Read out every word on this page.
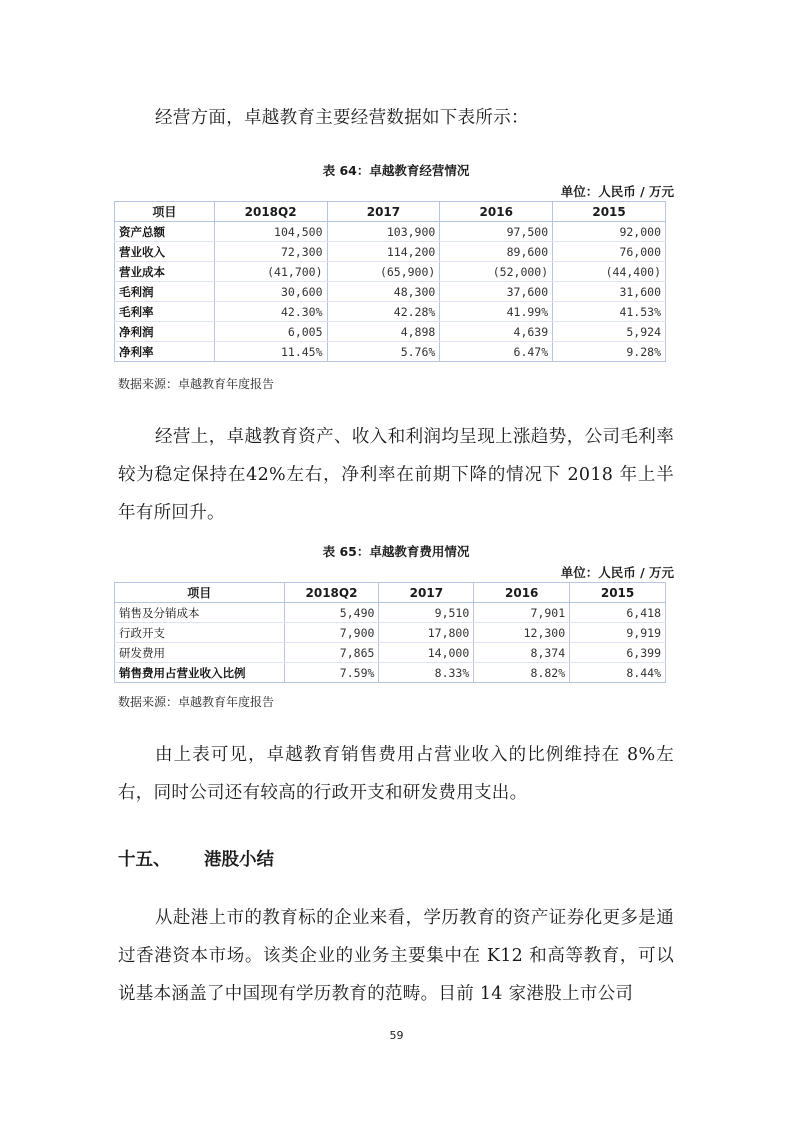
经营方面，卓越教育主要经营数据如下表所示：

表 64：卓越教育经营情况
单位：人民币 / 万元
项目	2018Q2	2017	2016	2015
资产总额	104,500	103,900	97,500	92,000
营业收入	72,300	114,200	89,600	76,000
营业成本	(41,700)	(65,900)	(52,000)	(44,400)
毛利润	30,600	48,300	37,600	31,600
毛利率	42.30%	42.28%	41.99%	41.53%
净利润	6,005	4,898	4,639	5,924
净利率	11.45%	5.76%	6.47%	9.28%
数据来源：卓越教育年度报告

经营上，卓越教育资产、收入和利润均呈现上涨趋势，公司毛利率较为稳定保持在42%左右，净利率在前期下降的情况下 2018 年上半年有所回升。

表 65：卓越教育费用情况
单位：人民币 / 万元
项目	2018Q2	2017	2016	2015
销售及分销成本	5,490	9,510	7,901	6,418
行政开支	7,900	17,800	12,300	9,919
研发费用	7,865	14,000	8,374	6,399
销售费用占营业收入比例	7.59%	8.33%	8.82%	8.44%
数据来源：卓越教育年度报告

由上表可见，卓越教育销售费用占营业收入的比例维持在 8%左右，同时公司还有较高的行政开支和研发费用支出。

十五、 港股小结

从赴港上市的教育标的企业来看，学历教育的资产证券化更多是通过香港资本市场。该类企业的业务主要集中在 K12 和高等教育，可以说基本涵盖了中国现有学历教育的范畴。目前 14 家港股上市公司

59
